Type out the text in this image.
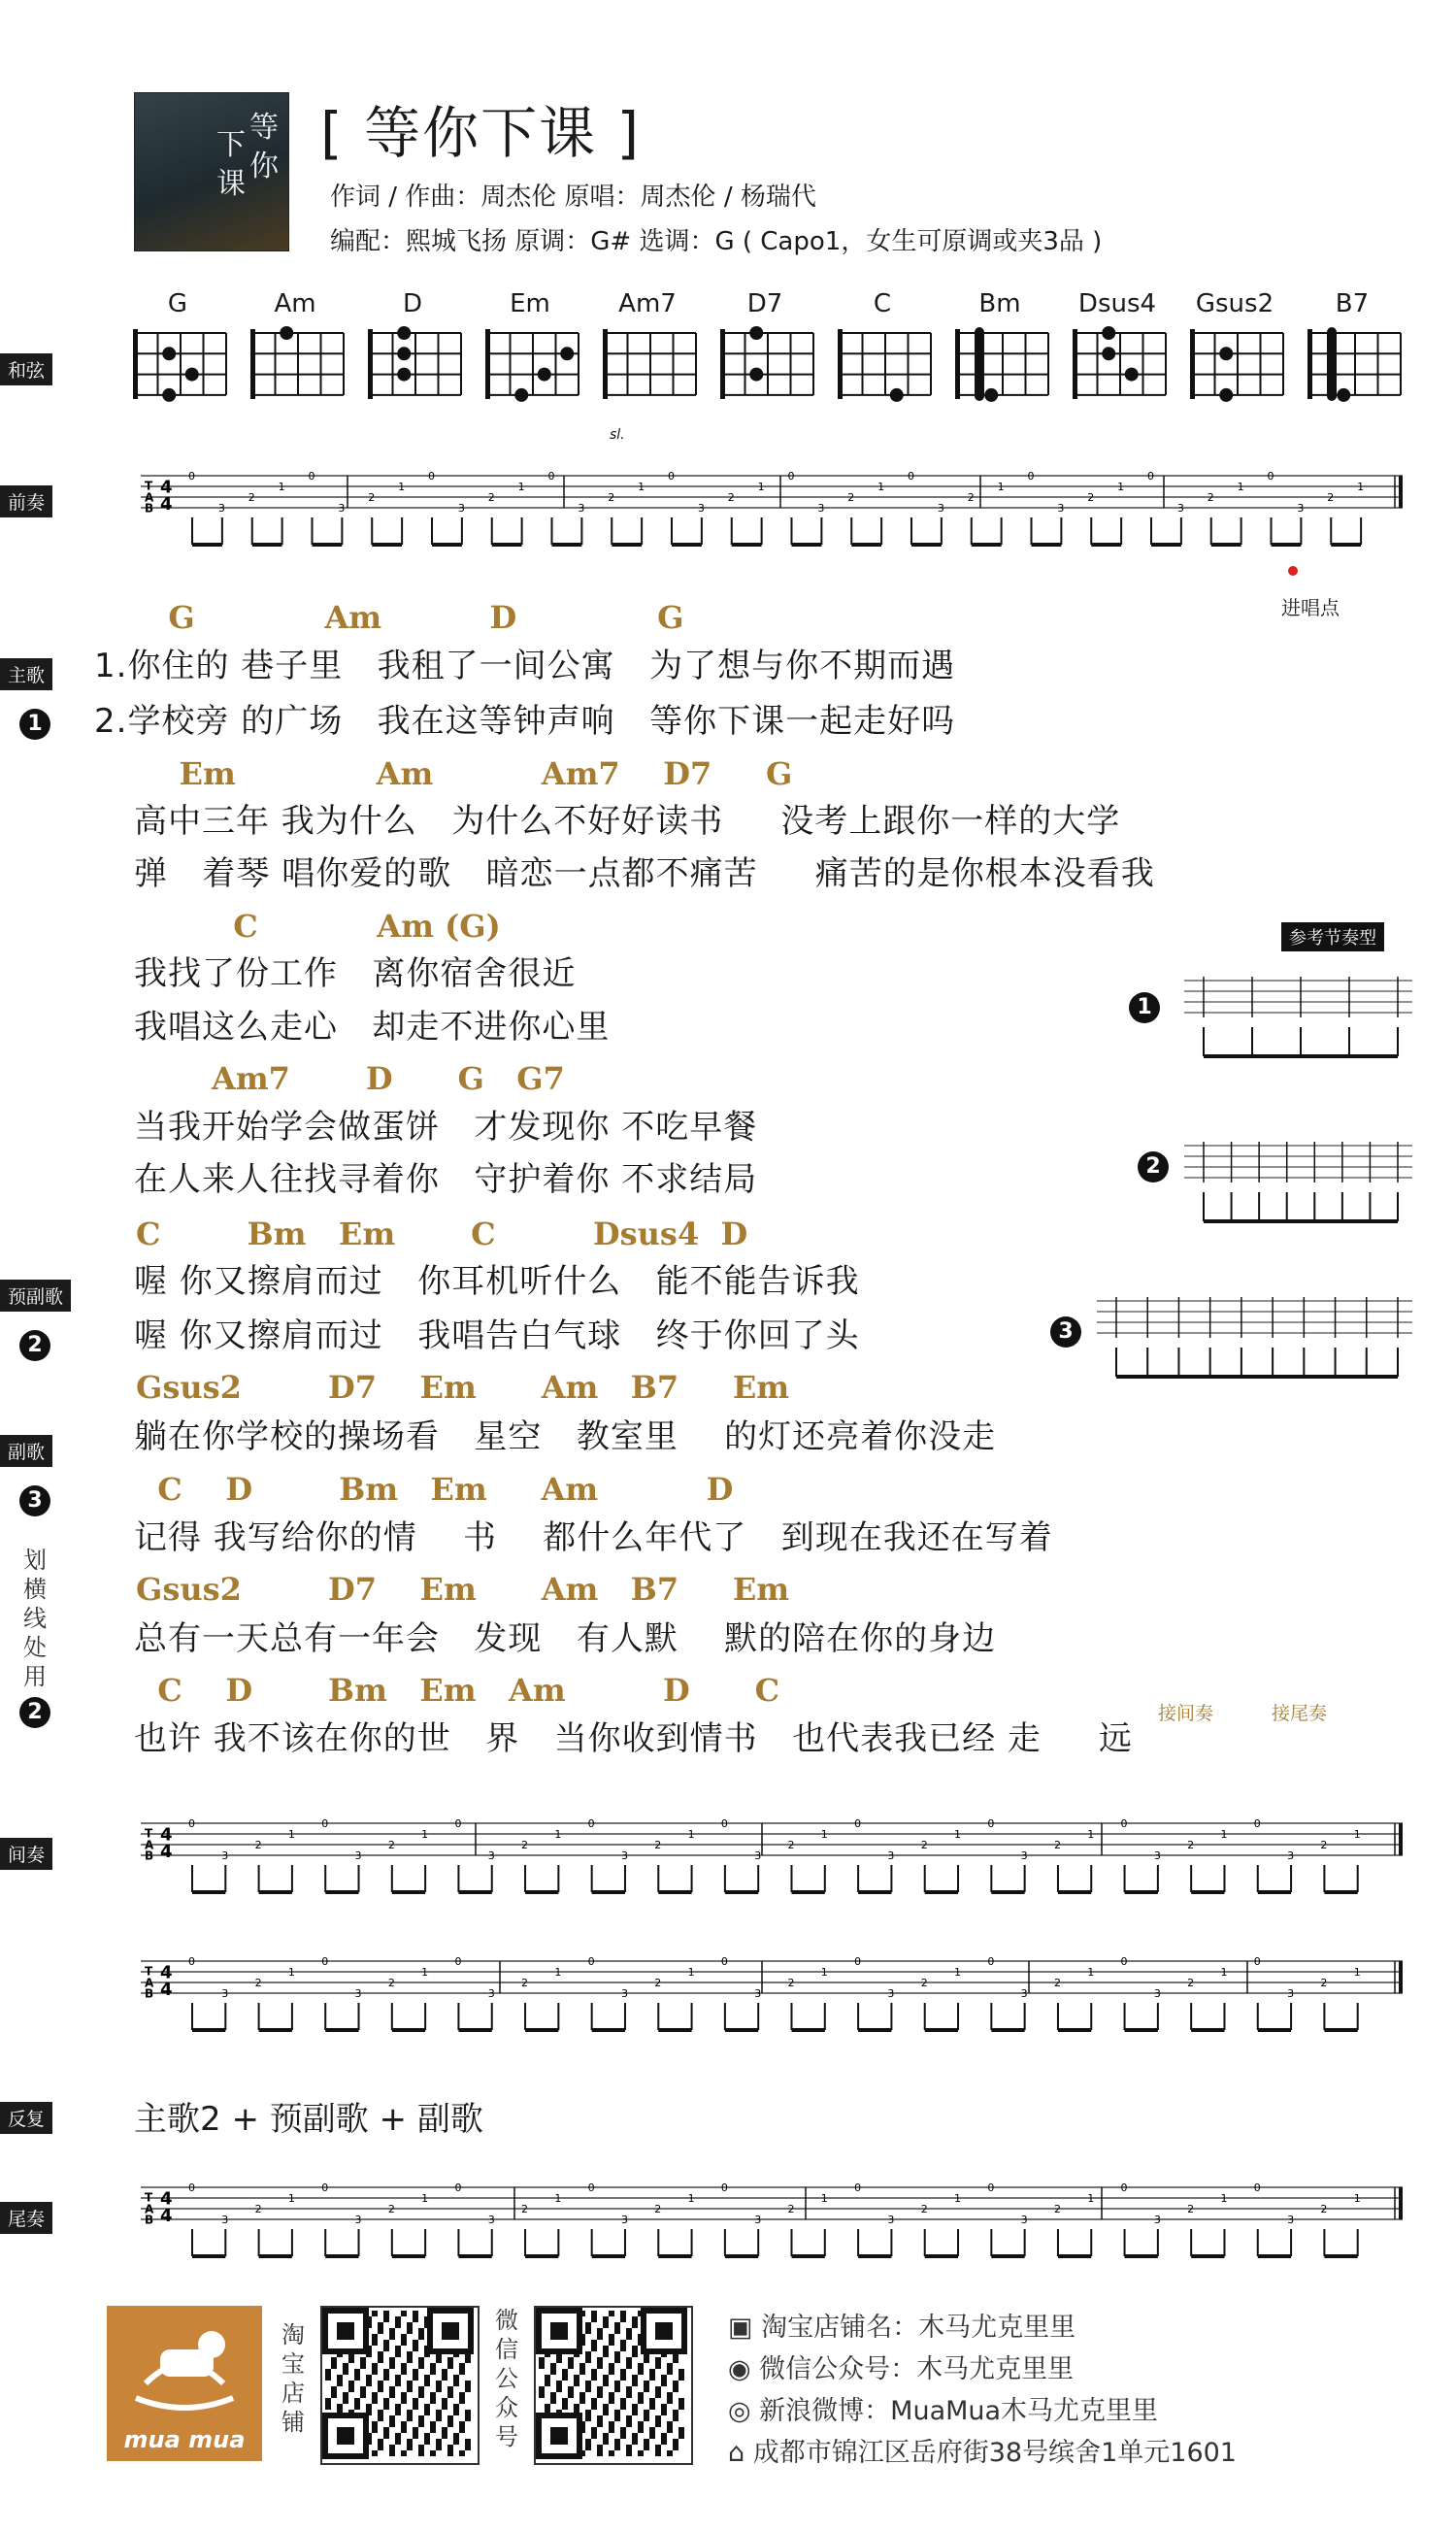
等
你
下
课
[ 等你下课 ]
作词 / 作曲：周杰伦 原唱：周杰伦 / 杨瑞代
编配：熙城飞扬 原调：G# 选调：G ( Capo1，女生可原调或夹3品 )
和弦
G	Am	D	Em	Am7	D7	C	Bm	Dsus4	Gsus2	B7
前奏
T
A
B
4
4
0
3
2
1
0
3
2
1
0
3
2
1
0
3
2
1
0
3
2
1
0
3
2
1
0
3
2
1
0
3
2
1
0
3
2
1
0
3
2
1
sl.
进唱点
主歌
1
G            Am          D             G
1.你住的 巷子里   我租了一间公寓   为了想与你不期而遇
2.学校旁 的广场   我在这等钟声响   等你下课一起走好吗
Em             Am          Am7    D7     G
高中三年 我为什么   为什么不好好读书     没考上跟你一样的大学
弹   着琴 唱你爱的歌   暗恋一点都不痛苦     痛苦的是你根本没看我
C           Am (G)
我找了份工作   离你宿舍很近
我唱这么走心   却走不进你心里
Am7       D      G   G7
当我开始学会做蛋饼   才发现你 不吃早餐
在人来人往找寻着你   守护着你 不求结局
C        Bm   Em       C         Dsus4  D
喔 你又擦肩而过   你耳机听什么   能不能告诉我
喔 你又擦肩而过   我唱告白气球   终于你回了头
Gsus2        D7    Em      Am   B7     Em
躺在你学校的操场看   星空   教室里    的灯还亮着你没走
C    D        Bm   Em     Am          D
记得 我写给你的情    书    都什么年代了   到现在我还在写着
Gsus2        D7    Em      Am   B7     Em
总有一天总有一年会   发现   有人默    默的陪在你的身边
C    D       Bm   Em   Am         D      C
也许 我不该在你的世   界   当你收到情书   也代表我已经 走     远
参考节奏型
1
2
3
预副歌
2
副歌
3
划
横
线
处
用
2	接间奏	接尾奏
间奏
T
A
B
4
4
0
3
2
1
0
3
2
1
0
3
2
1
0
3
2
1
0
3
2
1
0
3
2
1
0
3
2
1
0
3
2
1
0
3
2
1
T
A
B
4
4
0
3
2
1
0
3
2
1
0
3
2
1
0
3
2
1
0
3
2
1
0
3
2
1
0
3
2
1
0
3
2
1
0
3
2
1
反复	主歌2 + 预副歌 + 副歌
尾奏
T
A
B
4
4
0
3
2
1
0
3
2
1
0
3
2
1
0
3
2
1
0
3
2
1
0
3
2
1
0
3
2
1
0
3
2
1
0
3
2
1
mua mua
淘
宝
店
铺
微
信
公
众
号
▣ 淘宝店铺名：木马尤克里里
◉ 微信公众号：木马尤克里里
◎ 新浪微博：MuaMua木马尤克里里
⌂ 成都市锦江区岳府街38号缤舍1单元1601
